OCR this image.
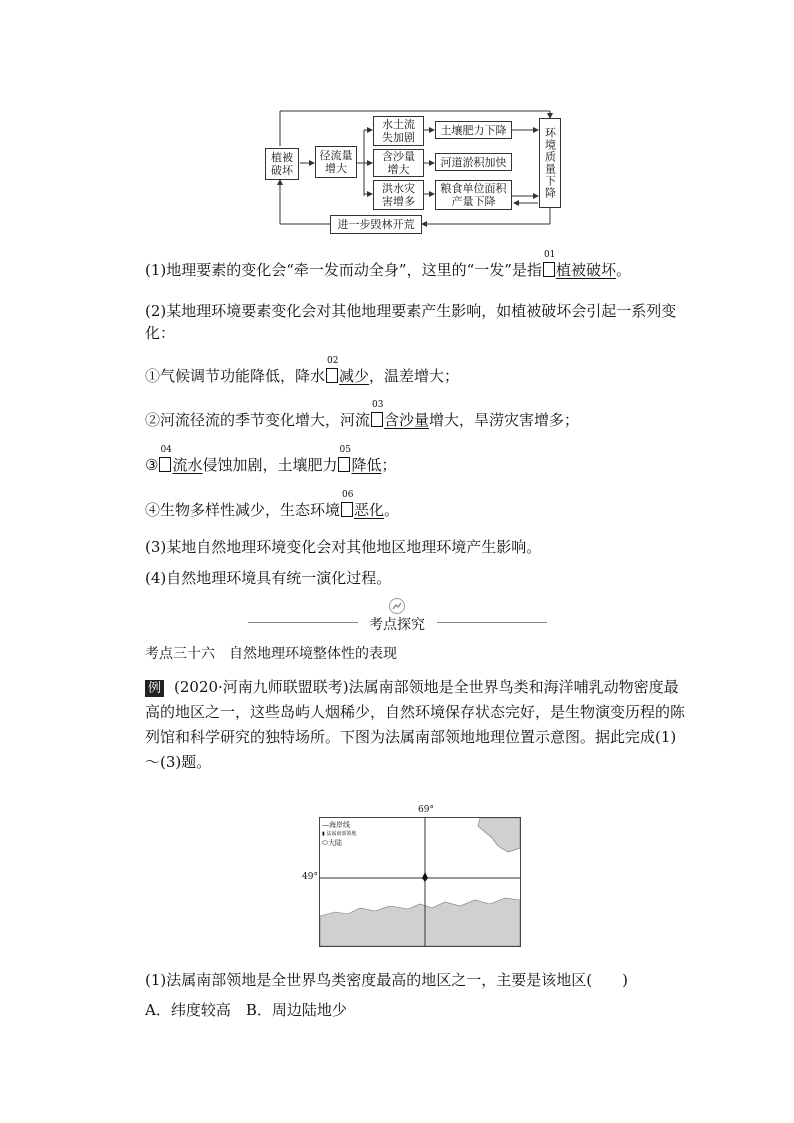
植被破坏
径流量增大
水土流失加剧
含沙量增大
洪水灾害增多
土壤肥力下降
河道淤积加快
粮食单位面积产量下降
环境质量下降
进一步毁林开荒
(1)地理要素的变化会“牵一发而动全身”，这里的“一发”是指
01
植被破坏。
(2)某地理环境要素变化会对其他地理要素产生影响，如植被破坏会引起一系列变化：
①气候调节功能降低，降水
02
减少，温差增大；
②河流径流的季节变化增大，河流
03
含沙量增大，旱涝灾害增多；
③
04
流水侵蚀加剧，土壤肥力
05
降低；
④生物多样性减少，生态环境
06
恶化。
(3)某地自然地理环境变化会对其他地区地理环境产生影响。
(4)自然地理环境具有统一演化过程。
考点探究
考点三十六　自然地理环境整体性的表现
例 (2020·河南九师联盟联考)法属南部领地是全世界鸟类和海洋哺乳动物密度最高的地区之一，这些岛屿人烟稀少，自然环境保存状态完好，是生物演变历程的陈列馆和科学研究的独特场所。下图为法属南部领地地理位置示意图。据此完成(1)～(3)题。
69°
49°
—海岸线
▮ 法属南部领地
⬭大陆
(1)法属南部领地是全世界鸟类密度最高的地区之一，主要是该地区(　　)
A．纬度较高　B．周边陆地少
